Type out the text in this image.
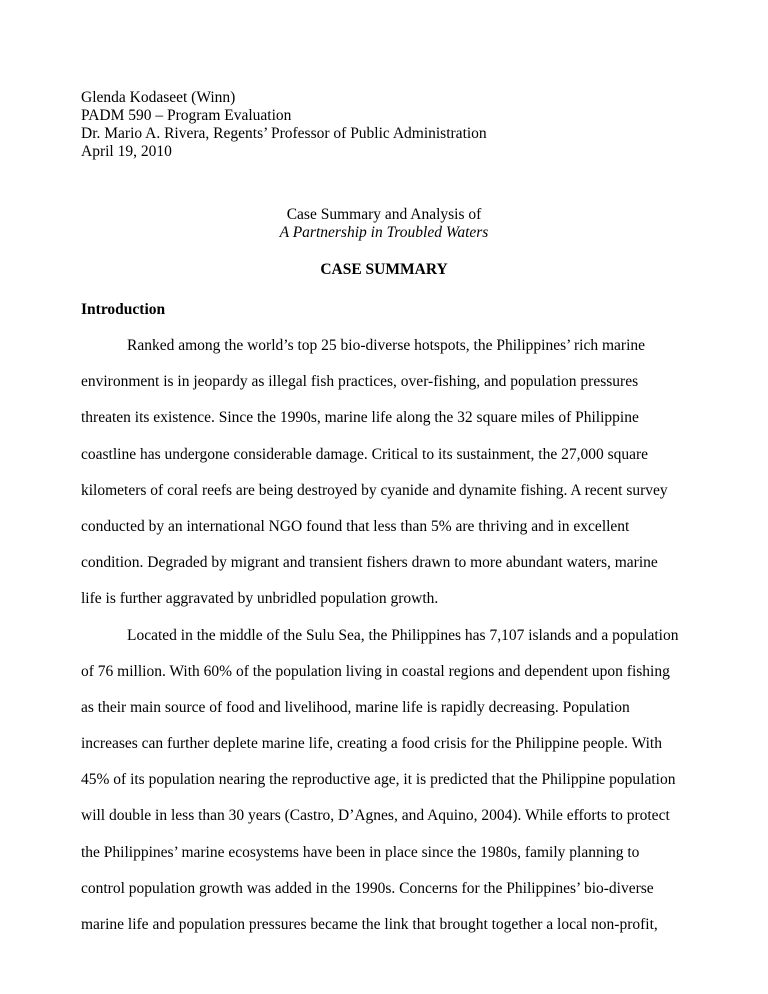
Glenda Kodaseet (Winn)
PADM 590 – Program Evaluation
Dr. Mario A. Rivera, Regents’ Professor of Public Administration
April 19, 2010
Case Summary and Analysis of
A Partnership in Troubled Waters
CASE SUMMARY
Introduction
Ranked among the world’s top 25 bio-diverse hotspots, the Philippines’ rich marine
environment is in jeopardy as illegal fish practices, over-fishing, and population pressures
threaten its existence. Since the 1990s, marine life along the 32 square miles of Philippine
coastline has undergone considerable damage. Critical to its sustainment, the 27,000 square
kilometers of coral reefs are being destroyed by cyanide and dynamite fishing. A recent survey
conducted by an international NGO found that less than 5% are thriving and in excellent
condition. Degraded by migrant and transient fishers drawn to more abundant waters, marine
life is further aggravated by unbridled population growth.
Located in the middle of the Sulu Sea, the Philippines has 7,107 islands and a population
of 76 million. With 60% of the population living in coastal regions and dependent upon fishing
as their main source of food and livelihood, marine life is rapidly decreasing. Population
increases can further deplete marine life, creating a food crisis for the Philippine people. With
45% of its population nearing the reproductive age, it is predicted that the Philippine population
will double in less than 30 years (Castro, D’Agnes, and Aquino, 2004). While efforts to protect
the Philippines’ marine ecosystems have been in place since the 1980s, family planning to
control population growth was added in the 1990s. Concerns for the Philippines’ bio-diverse
marine life and population pressures became the link that brought together a local non-profit,
